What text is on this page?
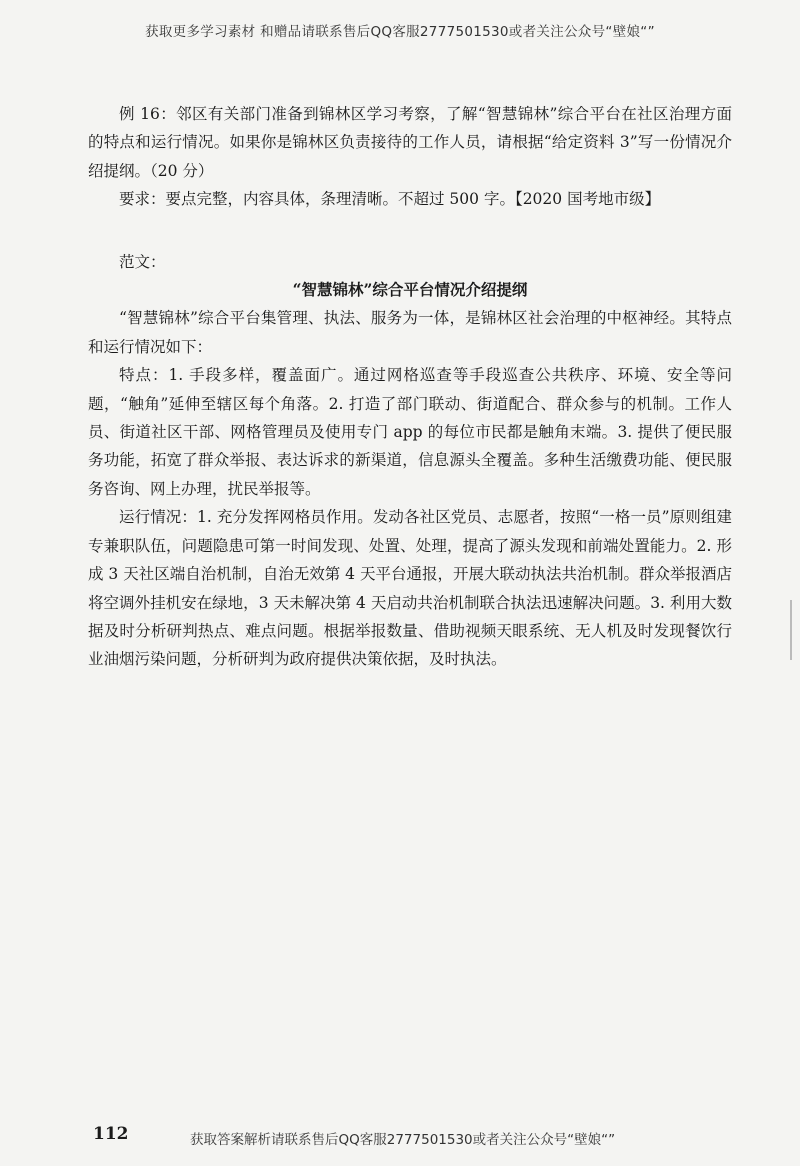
获取更多学习素材 和赠品请联系售后QQ客服2777501530或者关注公众号“壁娘“”

例 16：邻区有关部门准备到锦林区学习考察，了解“智慧锦林”综合平台在社区治理方面的特点和运行情况。如果你是锦林区负责接待的工作人员，请根据“给定资料 3”写一份情况介绍提纲。（20 分）

要求：要点完整，内容具体，条理清晰。不超过 500 字。【2020 国考地市级】

范文：

“智慧锦林”综合平台情况介绍提纲

“智慧锦林”综合平台集管理、执法、服务为一体，是锦林区社会治理的中枢神经。其特点和运行情况如下：

特点：1. 手段多样，覆盖面广。通过网格巡查等手段巡查公共秩序、环境、安全等问题，“触角”延伸至辖区每个角落。2. 打造了部门联动、街道配合、群众参与的机制。工作人员、街道社区干部、网格管理员及使用专门 app 的每位市民都是触角末端。3. 提供了便民服务功能，拓宽了群众举报、表达诉求的新渠道，信息源头全覆盖。多种生活缴费功能、便民服务咨询、网上办理，扰民举报等。

运行情况：1. 充分发挥网格员作用。发动各社区党员、志愿者，按照“一格一员”原则组建专兼职队伍，问题隐患可第一时间发现、处置、处理，提高了源头发现和前端处置能力。2. 形成 3 天社区端自治机制，自治无效第 4 天平台通报，开展大联动执法共治机制。群众举报酒店将空调外挂机安在绿地，3 天未解决第 4 天启动共治机制联合执法迅速解决问题。3. 利用大数据及时分析研判热点、难点问题。根据举报数量、借助视频天眼系统、无人机及时发现餐饮行业油烟污染问题，分析研判为政府提供决策依据，及时执法。

112	获取答案解析请联系售后QQ客服2777501530或者关注公众号“壁娘“”
